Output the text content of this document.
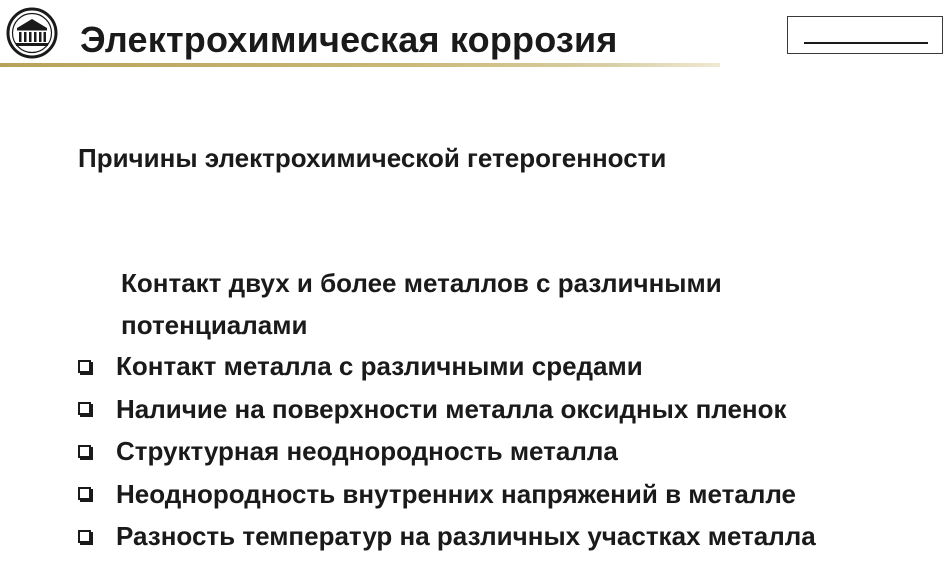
Электрохимическая коррозия
Причины электрохимической гетерогенности

Контакт двух и более металлов с различными
потенциалами

Контакт металла с различными средами
Наличие на поверхности металла оксидных пленок
Структурная неоднородность металла
Неоднородность внутренних напряжений в металле
Разность температур на различных участках металла
